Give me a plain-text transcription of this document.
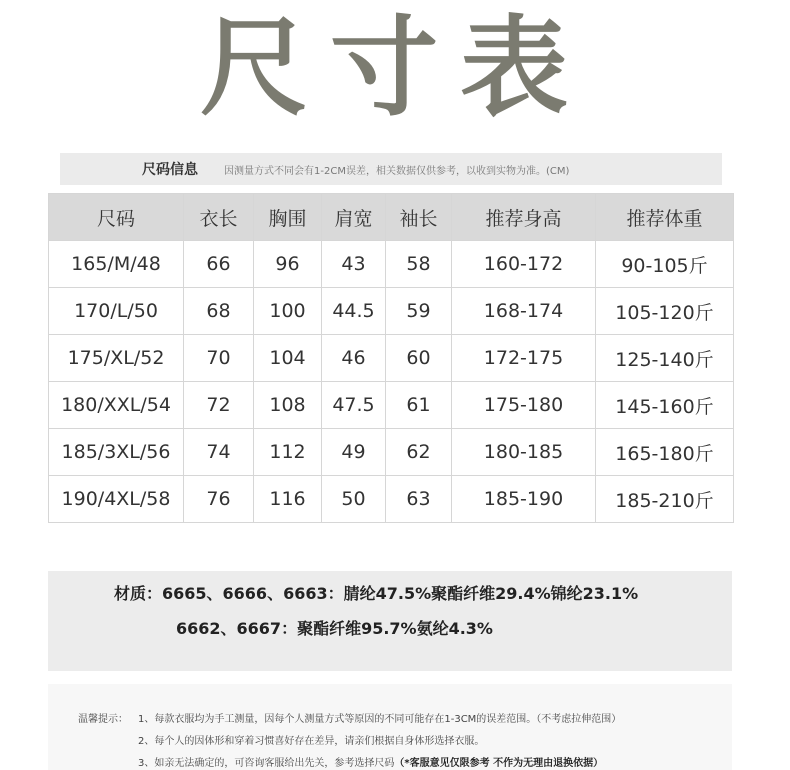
尺寸表
尺码信息	因测量方式不同会有1-2CM误差，相关数据仅供参考，以收到实物为准。(CM)
尺码	衣长	胸围	肩宽	袖长	推荐身高	推荐体重
165/M/48	66	96	43	58	160-172	90-105斤
170/L/50	68	100	44.5	59	168-174	105-120斤
175/XL/52	70	104	46	60	172-175	125-140斤
180/XXL/54	72	108	47.5	61	175-180	145-160斤
185/3XL/56	74	112	49	62	180-185	165-180斤
190/4XL/58	76	116	50	63	185-190	185-210斤
材质：6665、6666、6663：腈纶47.5%聚酯纤维29.4%锦纶23.1%
6662、6667：聚酯纤维95.7%氨纶4.3%
温馨提示： 1、每款衣服均为手工测量，因每个人测量方式等原因的不同可能存在1-3CM的误差范围。（不考虑拉伸范围）
2、每个人的因体形和穿着习惯喜好存在差异，请亲们根据自身体形选择衣服。
3、如亲无法确定的，可咨询客服给出先关，参考选择尺码（*客服意见仅限参考 不作为无理由退换依据）
